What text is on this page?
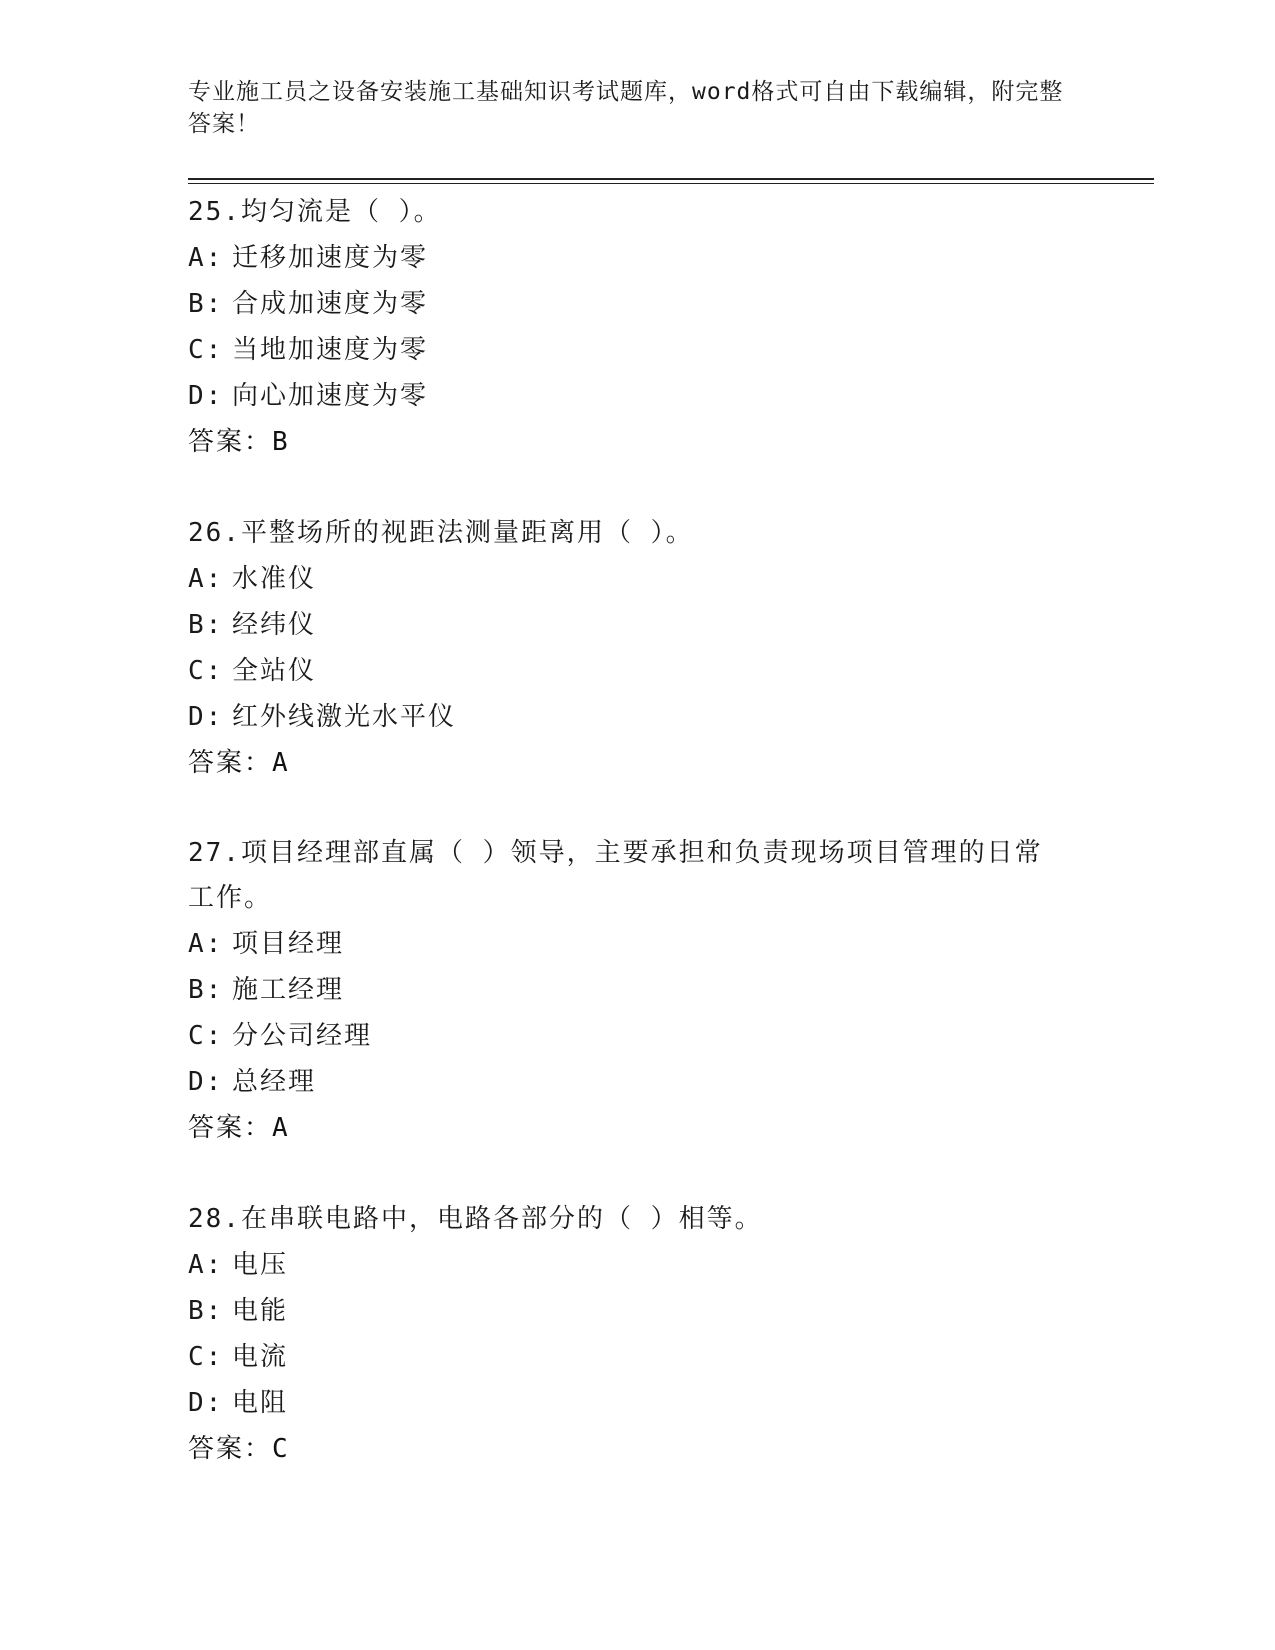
专业施工员之设备安装施工基础知识考试题库，word格式可自由下载编辑，附完整答案！

25.均匀流是（ ）。

A: 迁移加速度为零

B: 合成加速度为零

C: 当地加速度为零

D: 向心加速度为零

答案：B

26.平整场所的视距法测量距离用（ ）。

A: 水准仪

B: 经纬仪

C: 全站仪

D: 红外线激光水平仪

答案：A

27.项目经理部直属（ ）领导，主要承担和负责现场项目管理的日常工作。

A: 项目经理

B: 施工经理

C: 分公司经理

D: 总经理

答案：A

28.在串联电路中，电路各部分的（ ）相等。

A: 电压

B: 电能

C: 电流

D: 电阻

答案：C
